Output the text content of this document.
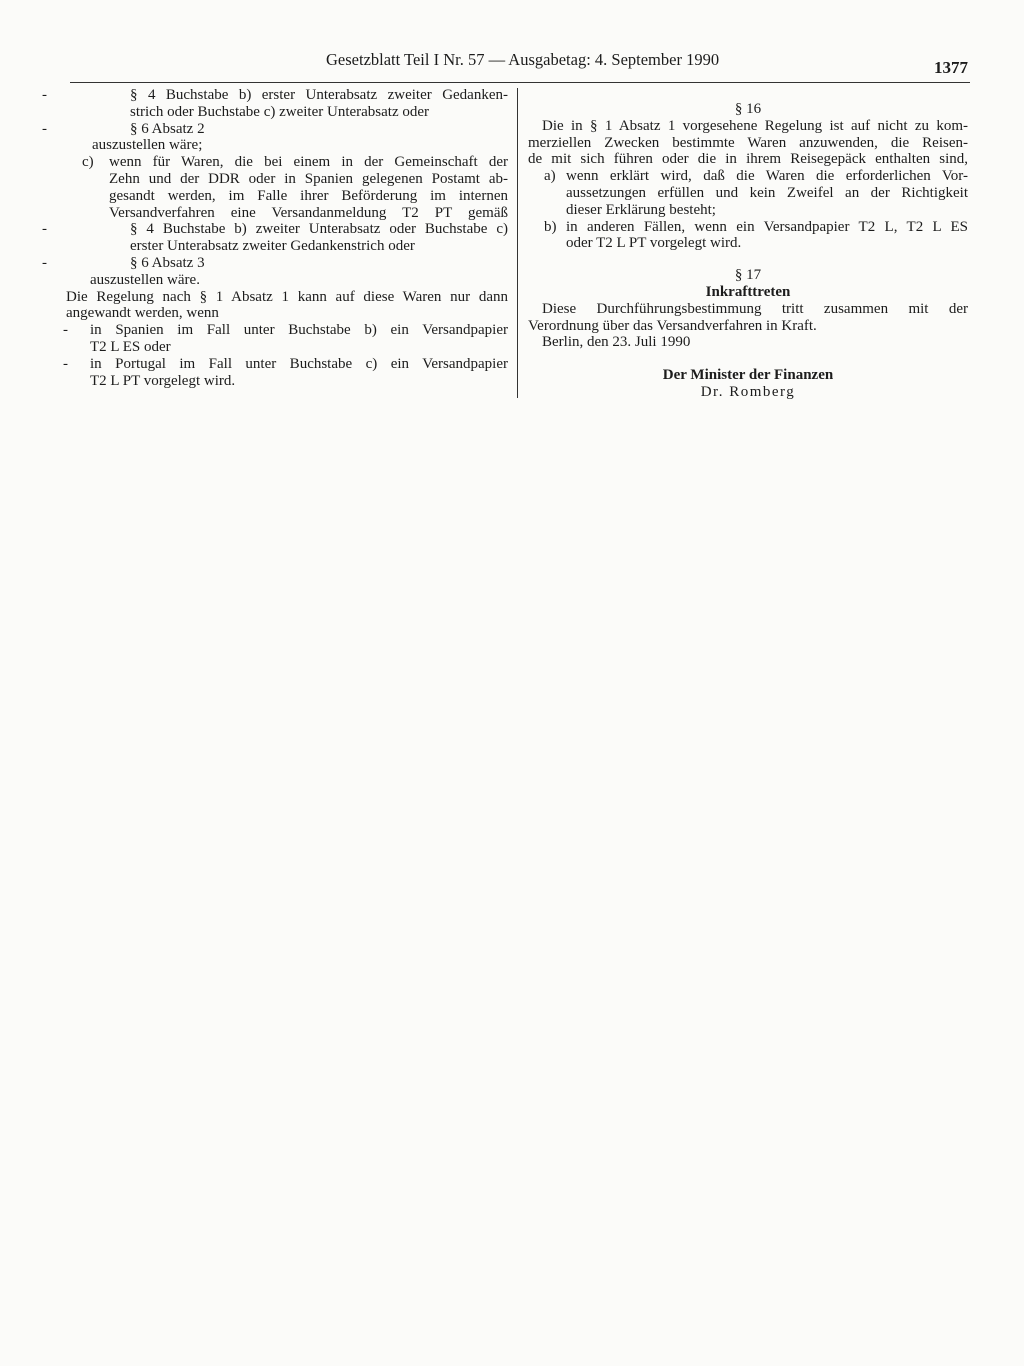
Gesetzblatt Teil I Nr. 57 — Ausgabetag: 4. September 1990	1377
-	§ 4 Buchstabe b) erster Unterabsatz zweiter Gedanken-
strich oder Buchstabe c) zweiter Unterabsatz oder
-	§ 6 Absatz 2
auszustellen wäre;
c) wenn für Waren, die bei einem in der Gemeinschaft der
Zehn und der DDR oder in Spanien gelegenen Postamt ab-
gesandt werden, im Falle ihrer Beförderung im internen
Versandverfahren eine Versandanmeldung T2 PT gemäß
-	§ 4 Buchstabe b) zweiter Unterabsatz oder Buchstabe c)
erster Unterabsatz zweiter Gedankenstrich oder
-	§ 6 Absatz 3
auszustellen wäre.
Die Regelung nach § 1 Absatz 1 kann auf diese Waren nur dann
angewandt werden, wenn
- in Spanien im Fall unter Buchstabe b) ein Versandpapier
T2 L ES oder
- in Portugal im Fall unter Buchstabe c) ein Versandpapier
T2 L PT vorgelegt wird.
§ 16
Die in § 1 Absatz 1 vorgesehene Regelung ist auf nicht zu kom-
merziellen Zwecken bestimmte Waren anzuwenden, die Reisen-
de mit sich führen oder die in ihrem Reisegepäck enthalten sind,
a) wenn erklärt wird, daß die Waren die erforderlichen Vor-
aussetzungen erfüllen und kein Zweifel an der Richtigkeit
dieser Erklärung besteht;
b) in anderen Fällen, wenn ein Versandpapier T2 L, T2 L ES
oder T2 L PT vorgelegt wird.
§ 17
Inkrafttreten
Diese Durchführungsbestimmung tritt zusammen mit der
Verordnung über das Versandverfahren in Kraft.
Berlin, den 23. Juli 1990
Der Minister der Finanzen
Dr. Romberg
